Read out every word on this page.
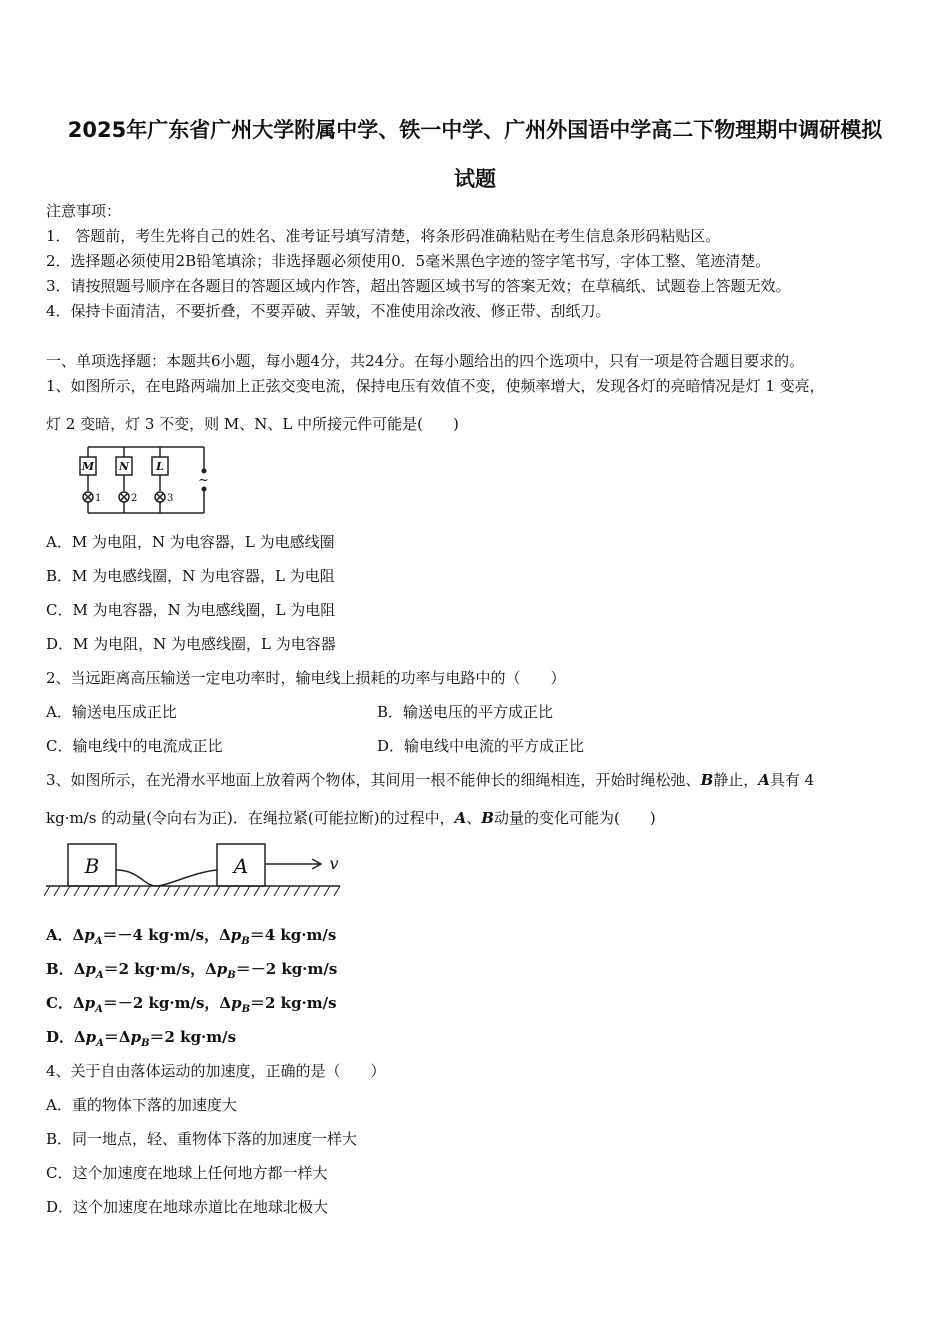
2025年广东省广州大学附属中学、铁一中学、广州外国语中学高二下物理期中调研模拟
试题
注意事项：
1． 答题前，考生先将自己的姓名、准考证号填写清楚，将条形码准确粘贴在考生信息条形码粘贴区。
2．选择题必须使用2B铅笔填涂；非选择题必须使用0．5毫米黑色字迹的签字笔书写，字体工整、笔迹清楚。
3．请按照题号顺序在各题目的答题区域内作答，超出答题区域书写的答案无效；在草稿纸、试题卷上答题无效。
4．保持卡面清洁，不要折叠，不要弄破、弄皱，不准使用涂改液、修正带、刮纸刀。
一、单项选择题：本题共6小题，每小题4分，共24分。在每小题给出的四个选项中，只有一项是符合题目要求的。
1、如图所示，在电路两端加上正弦交变电流，保持电压有效值不变，使频率增大，发现各灯的亮暗情况是灯 1 变亮，
灯 2 变暗，灯 3 不变，则 M、N、L 中所接元件可能是(　　)
M N L
1	2	3
~
A．M 为电阻，N 为电容器，L 为电感线圈
B．M 为电感线圈，N 为电容器，L 为电阻
C．M 为电容器，N 为电感线圈，L 为电阻
D．M 为电阻，N 为电感线圈，L 为电容器
2、当远距离高压输送一定电功率时，输电线上损耗的功率与电路中的（　　）
A．输送电压成正比	B．输送电压的平方成正比
C．输电线中的电流成正比	D．输电线中电流的平方成正比
3、如图所示，在光滑水平地面上放着两个物体，其间用一根不能伸长的细绳相连，开始时绳松弛、B静止，A具有 4
kg·m/s 的动量(令向右为正)．在绳拉紧(可能拉断)的过程中，A、B动量的变化可能为(　　)
B	A	v
A．$\Delta p_A=-4$ kg·m/s，$\Delta p_B=4$ kg·m/s
B．$\Delta p_A=2$ kg·m/s，$\Delta p_B=-2$ kg·m/s
C．$\Delta p_A=-2$ kg·m/s，$\Delta p_B=2$ kg·m/s
D．$\Delta p_A=\Delta p_B=2$ kg·m/s
4、关于自由落体运动的加速度，正确的是（　　）
A．重的物体下落的加速度大
B．同一地点，轻、重物体下落的加速度一样大
C．这个加速度在地球上任何地方都一样大
D．这个加速度在地球赤道比在地球北极大
